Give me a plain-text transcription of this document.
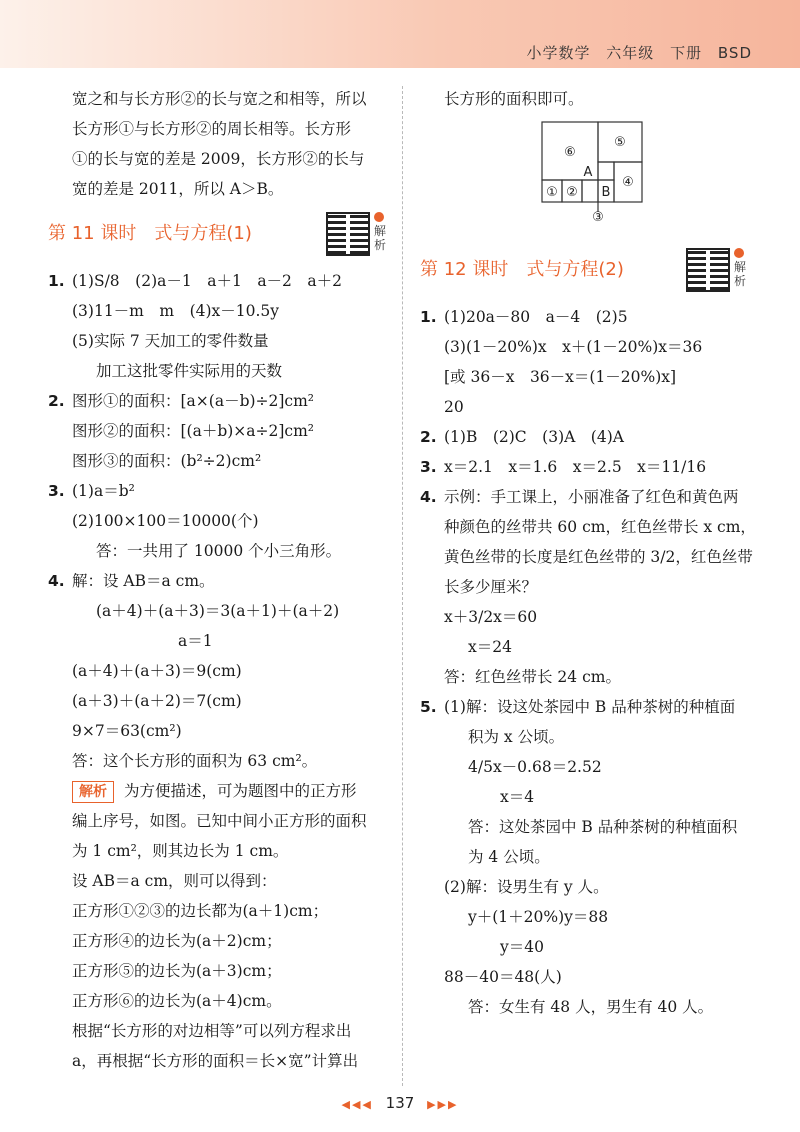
小学数学 六年级 下册 BSD
宽之和与长方形②的长与宽之和相等，所以
长方形①与长方形②的周长相等。长方形
①的长与宽的差是 2009，长方形②的长与
宽的差是 2011，所以 A＞B。
第 11 课时　式与方程(1)	解析
1. (1)S/8　(2)a－1　a＋1　a－2　a＋2
(3)11－m　m　(4)x－10.5y
(5)实际 7 天加工的零件数量
加工这批零件实际用的天数
2. 图形①的面积：[a×(a－b)÷2]cm²
图形②的面积：[(a＋b)×a÷2]cm²
图形③的面积：(b²÷2)cm²
3. (1)a＝b²
(2)100×100＝10000(个)
答：一共用了 10000 个小三角形。
4. 解：设 AB＝a cm。
(a＋4)＋(a＋3)＝3(a＋1)＋(a＋2)
a＝1
(a＋4)＋(a＋3)＝9(cm)
(a＋3)＋(a＋2)＝7(cm)
9×7＝63(cm²)
答：这个长方形的面积为 63 cm²。
解析 为方便描述，可为题图中的正方形
编上序号，如图。已知中间小正方形的面积
为 1 cm²，则其边长为 1 cm。
设 AB＝a cm，则可以得到：
正方形①②③的边长都为(a＋1)cm；
正方形④的边长为(a＋2)cm；
正方形⑤的边长为(a＋3)cm；
正方形⑥的边长为(a＋4)cm。
根据“长方形的对边相等”可以列方程求出
a，再根据“长方形的面积＝长×宽”计算出
长方形的面积即可。
⑥
⑤
① ② B
④
A
③
第 12 课时　式与方程(2)	解析
1. (1)20a－80　a－4　(2)5
(3)(1－20%)x　x＋(1－20%)x＝36
[或 36－x　36－x＝(1－20%)x]
20
2. (1)B　(2)C　(3)A　(4)A
3. x＝2.1　x＝1.6　x＝2.5　x＝11/16
4. 示例：手工课上，小丽准备了红色和黄色两
种颜色的丝带共 60 cm，红色丝带长 x cm，
黄色丝带的长度是红色丝带的 3/2，红色丝带
长多少厘米？
x＋3/2x＝60
x＝24
答：红色丝带长 24 cm。
5. (1)解：设这处茶园中 B 品种茶树的种植面
积为 x 公顷。
4/5x－0.68＝2.52
x＝4
答：这处茶园中 B 品种茶树的种植面积
为 4 公顷。
(2)解：设男生有 y 人。
y＋(1＋20%)y＝88
y＝40
88－40＝48(人)
答：女生有 48 人，男生有 40 人。
◀◀◀ 137 ▶▶▶
